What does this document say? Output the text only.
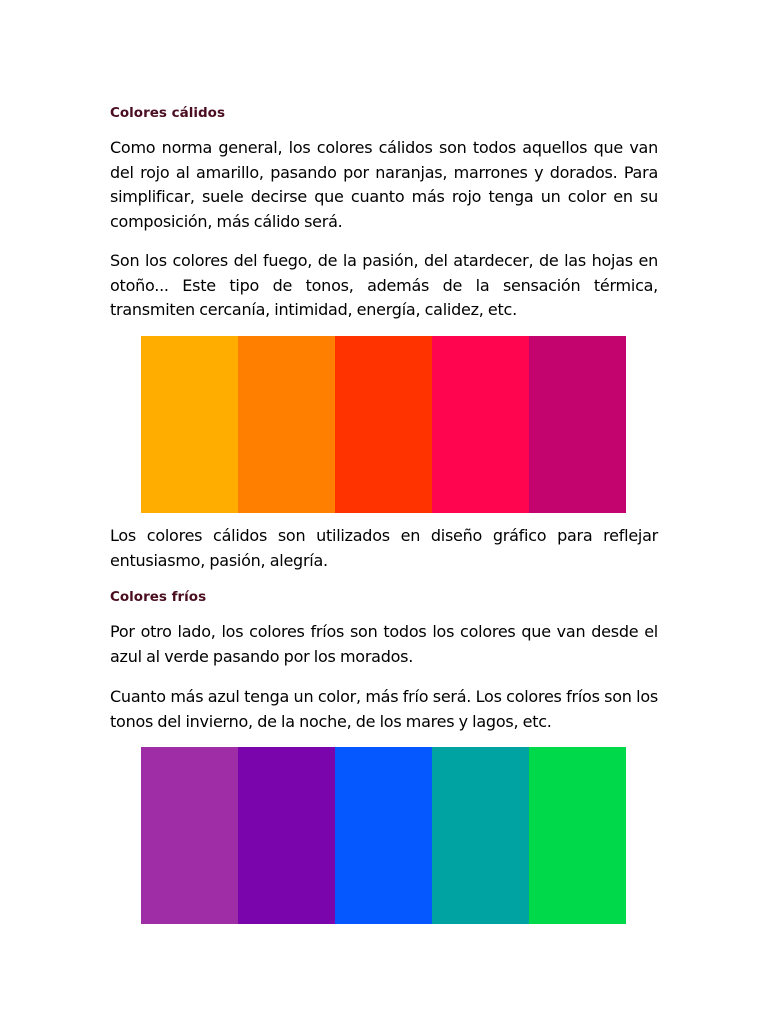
Colores cálidos
Como norma general, los colores cálidos son todos aquellos que van del rojo al amarillo, pasando por naranjas, marrones y dorados. Para simplificar, suele decirse que cuanto más rojo tenga un color en su composición, más cálido será.
Son los colores del fuego, de la pasión, del atardecer, de las hojas en otoño... Este tipo de tonos, además de la sensación térmica, transmiten cercanía, intimidad, energía, calidez, etc.
Los colores cálidos son utilizados en diseño gráfico para reflejar entusiasmo, pasión, alegría.
Colores fríos
Por otro lado, los colores fríos son todos los colores que van desde el azul al verde pasando por los morados.
Cuanto más azul tenga un color, más frío será. Los colores fríos son los tonos del invierno, de la noche, de los mares y lagos, etc.
